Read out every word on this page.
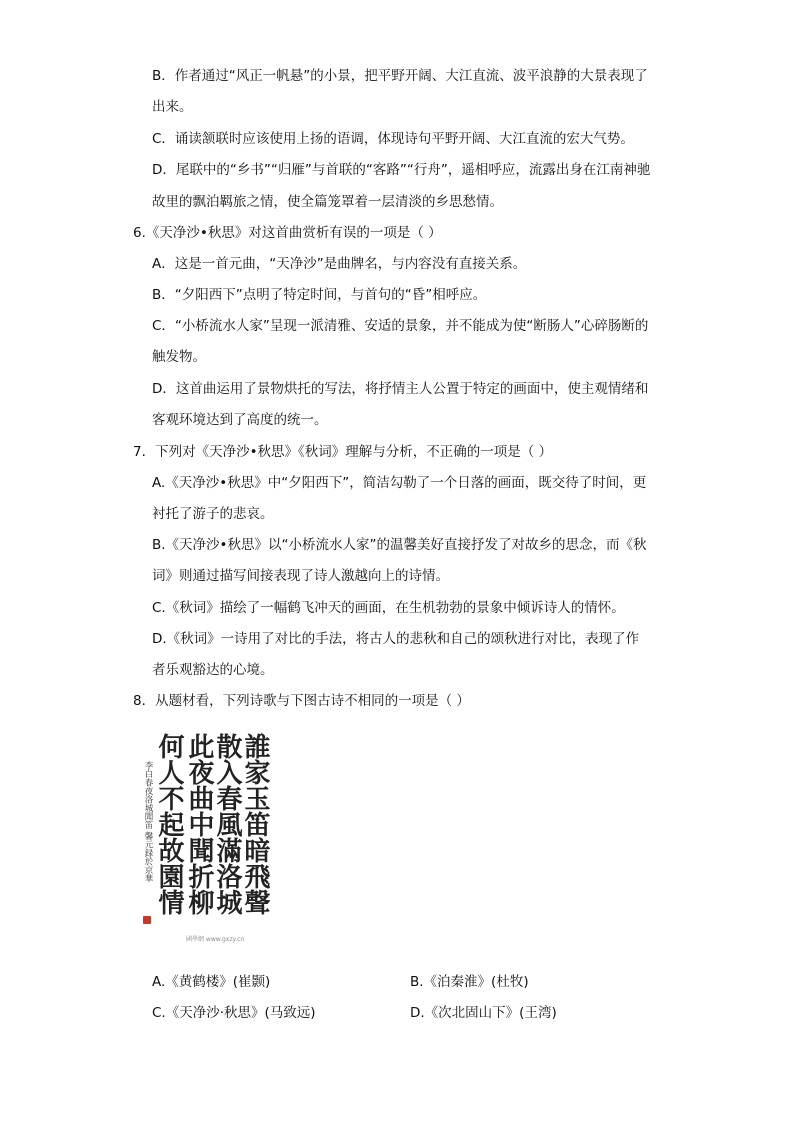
B．作者通过“风正一帆悬”的小景，把平野开阔、大江直流、波平浪静的大景表现了
出来。
C．诵读颔联时应该使用上扬的语调，体现诗句平野开阔、大江直流的宏大气势。
D．尾联中的“乡书”“归雁”与首联的“客路”“行舟”，遥相呼应，流露出身在江南神驰
故里的飘泊羁旅之情，使全篇笼罩着一层清淡的乡思愁情。
6.《天净沙•秋思》对这首曲赏析有误的一项是（ ）
A．这是一首元曲，“天净沙”是曲牌名，与内容没有直接关系。
B．“夕阳西下”点明了特定时间，与首句的“昏”相呼应。
C．“小桥流水人家”呈现一派清雅、安适的景象，并不能成为使“断肠人”心碎肠断的
触发物。
D．这首曲运用了景物烘托的写法，将抒情主人公置于特定的画面中，使主观情绪和
客观环境达到了高度的统一。
7．下列对《天净沙•秋思》《秋词》理解与分析，不正确的一项是（ ）
A.《天净沙•秋思》中“夕阳西下”，简洁勾勒了一个日落的画面，既交待了时间，更
衬托了游子的悲哀。
B.《天净沙•秋思》以“小桥流水人家”的温馨美好直接抒发了对故乡的思念，而《秋
词》则通过描写间接表现了诗人激越向上的诗情。
C.《秋词》描绘了一幅鹤飞冲天的画面，在生机勃勃的景象中倾诉诗人的情怀。
D.《秋词》一诗用了对比的手法，将古人的悲秋和自己的颂秋进行对比，表现了作
者乐观豁达的心境。
8．从题材看，下列诗歌与下图古诗不相同的一项是（ ）
李白春夜洛城聞笛 馨元録於京華 何人不起故園情 此夜曲中聞折柳
散入春風滿洛城
誰家玉笛暗飛聲
國學網 www.gxzy.cn
A.《黄鹤楼》(崔颢)	B.《泊秦淮》(杜牧)
C.《天净沙·秋思》(马致远)	D.《次北固山下》(王湾)
